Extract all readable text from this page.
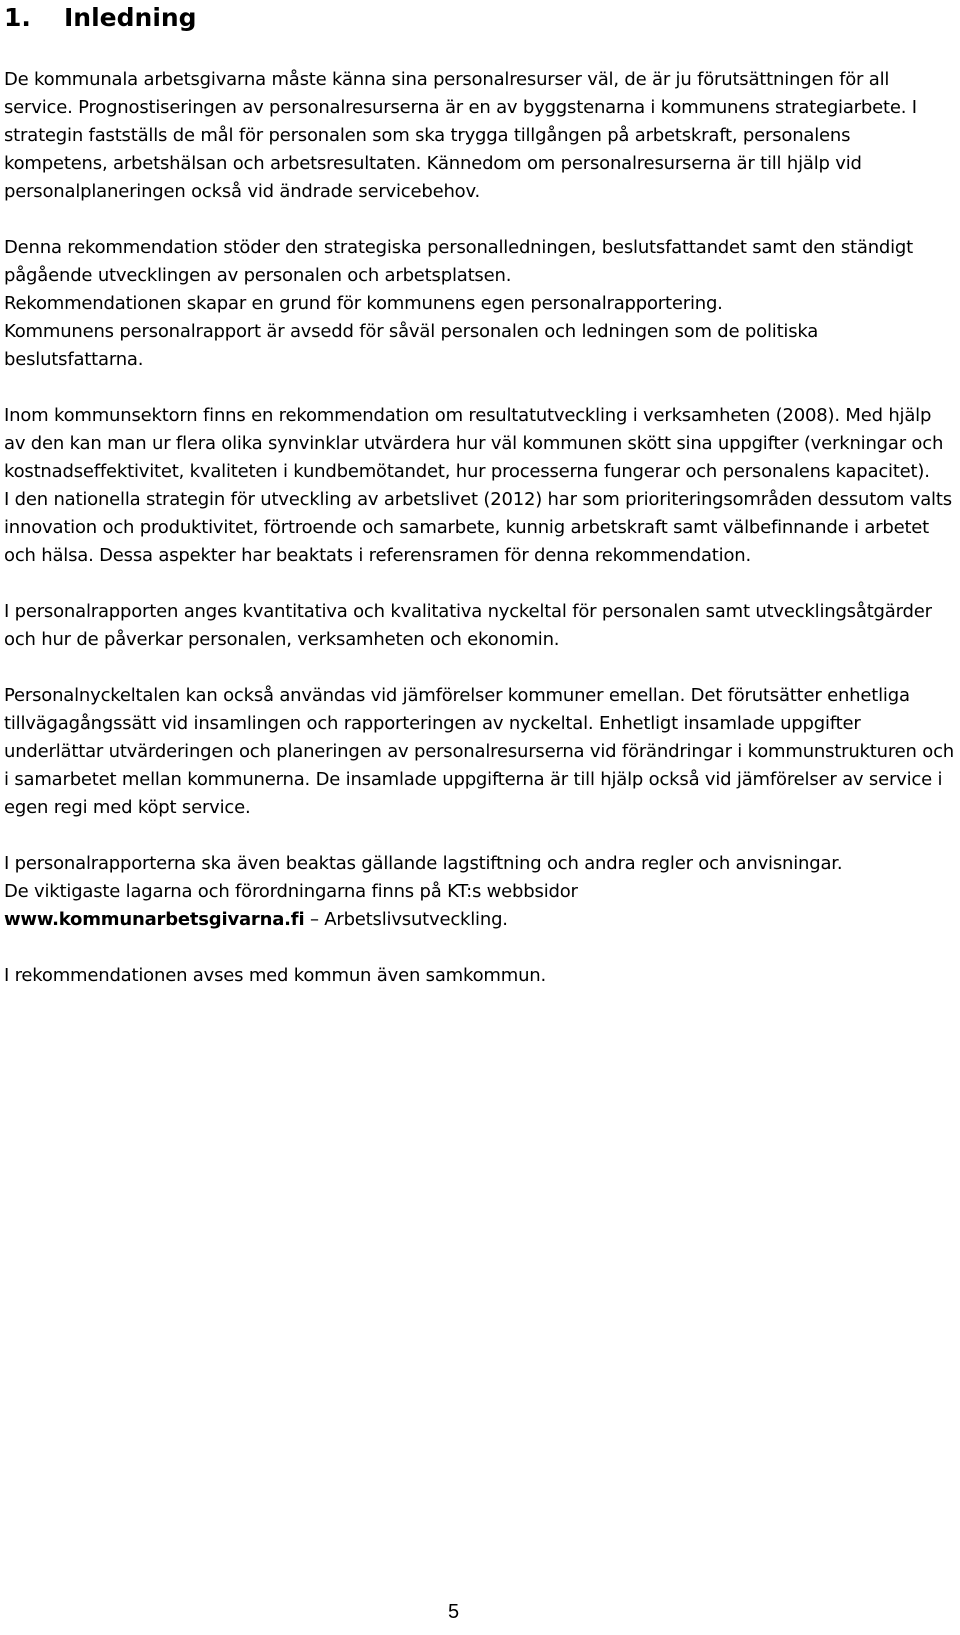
1. Inledning

De kommunala arbetsgivarna måste känna sina personalresurser väl, de är ju förutsättningen för all service. Prognostiseringen av personalresurserna är en av byggstenarna i kommunens strategiarbete. I strategin fastställs de mål för personalen som ska trygga tillgången på arbetskraft, personalens kompetens, arbetshälsan och arbetsresultaten. Kännedom om personalresurserna är till hjälp vid personalplaneringen också vid ändrade servicebehov.

Denna rekommendation stöder den strategiska personalledningen, beslutsfattandet samt den ständigt pågående utvecklingen av personalen och arbetsplatsen.
Rekommendationen skapar en grund för kommunens egen personalrapportering.
Kommunens personalrapport är avsedd för såväl personalen och ledningen som de politiska beslutsfattarna.

Inom kommunsektorn finns en rekommendation om resultatutveckling i verksamheten (2008). Med hjälp av den kan man ur flera olika synvinklar utvärdera hur väl kommunen skött sina uppgifter (verkningar och kostnadseffektivitet, kvaliteten i kundbemötandet, hur processerna fungerar och personalens kapacitet).
I den nationella strategin för utveckling av arbetslivet (2012) har som prioriteringsområden dessutom valts innovation och produktivitet, förtroende och samarbete, kunnig arbetskraft samt välbefinnande i arbetet och hälsa. Dessa aspekter har beaktats i referensramen för denna rekommendation.

I personalrapporten anges kvantitativa och kvalitativa nyckeltal för personalen samt utvecklingsåtgärder och hur de påverkar personalen, verksamheten och ekonomin.

Personalnyckeltalen kan också användas vid jämförelser kommuner emellan. Det förutsätter enhetliga tillvägagångssätt vid insamlingen och rapporteringen av nyckeltal. Enhetligt insamlade uppgifter underlättar utvärderingen och planeringen av personalresurserna vid förändringar i kommunstrukturen och i samarbetet mellan kommunerna. De insamlade uppgifterna är till hjälp också vid jämförelser av service i egen regi med köpt service.

I personalrapporterna ska även beaktas gällande lagstiftning och andra regler och anvisningar.
De viktigaste lagarna och förordningarna finns på KT:s webbsidor
www.kommunarbetsgivarna.fi – Arbetslivsutveckling.

I rekommendationen avses med kommun även samkommun.

5
